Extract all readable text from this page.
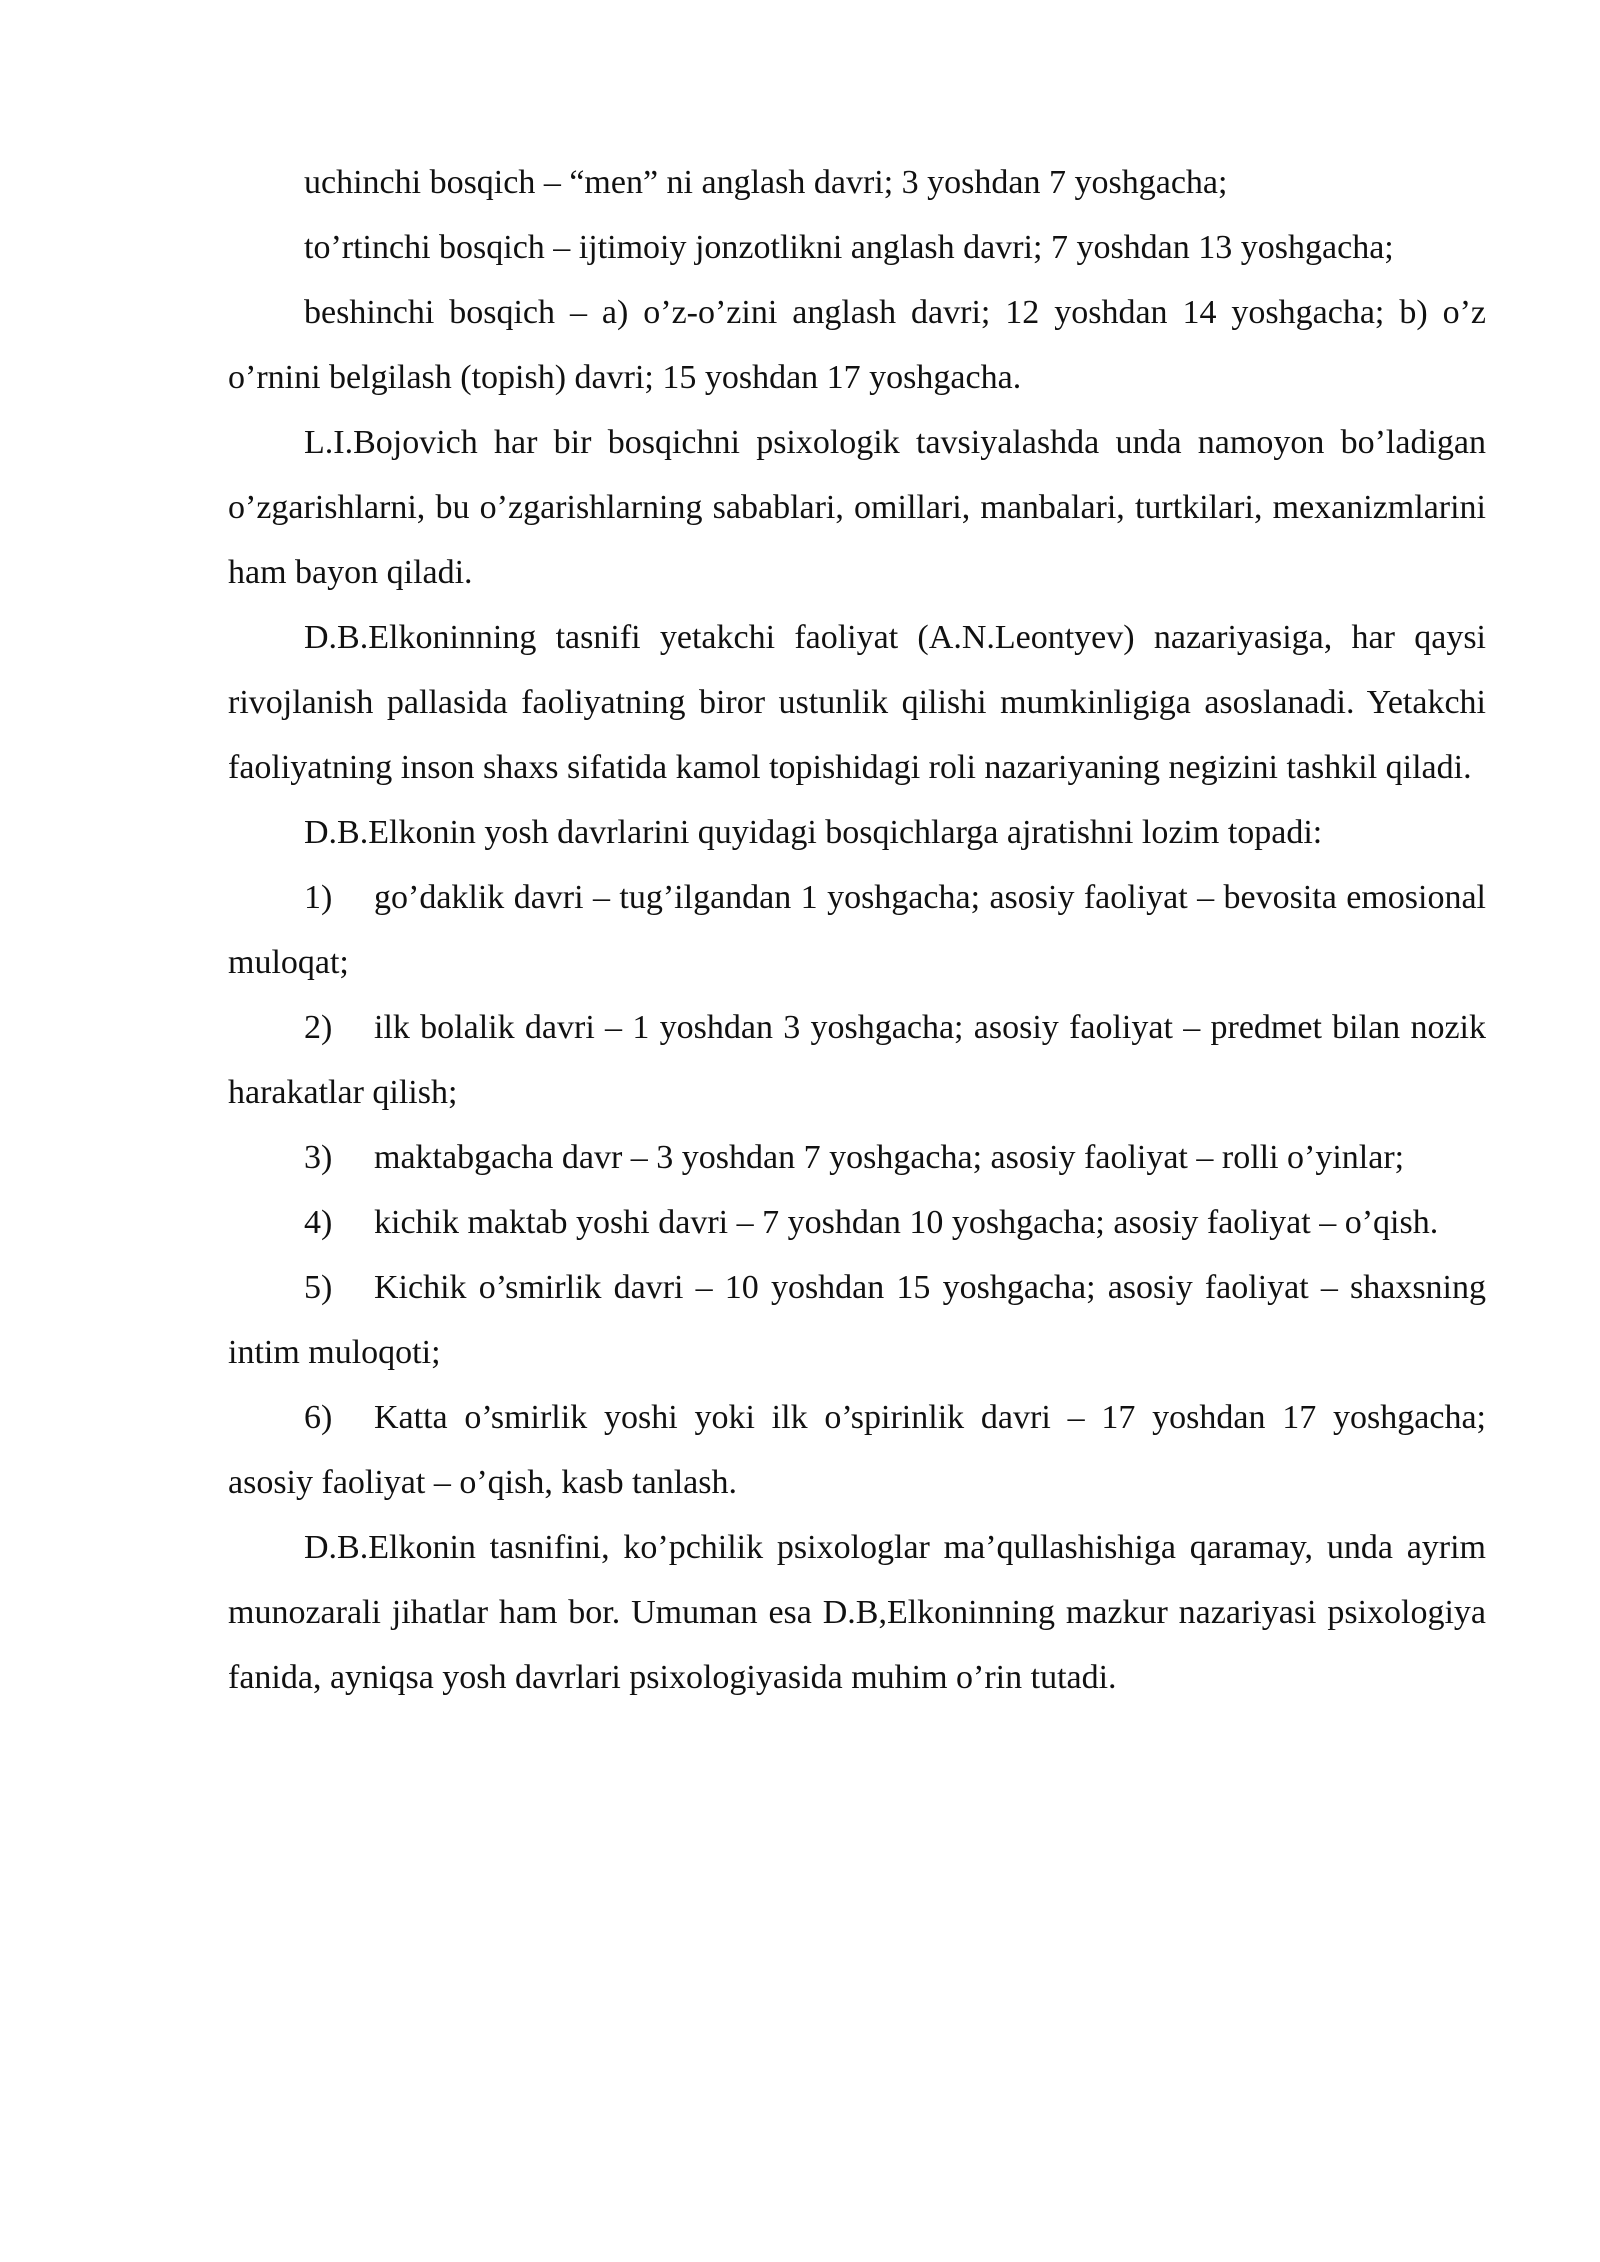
uchinchi bosqich – “men” ni anglash davri; 3 yoshdan 7 yoshgacha;

to’rtinchi bosqich – ijtimoiy jonzotlikni anglash davri; 7 yoshdan 13 yoshgacha;

beshinchi bosqich – a) o’z-o’zini anglash davri; 12 yoshdan 14 yoshgacha; b) o’z o’rnini belgilash (topish) davri; 15 yoshdan 17 yoshgacha.

L.I.Bojovich har bir bosqichni psixologik tavsiyalashda unda namoyon bo’ladigan o’zgarishlarni, bu o’zgarishlarning sabablari, omillari, manbalari, turtkilari, mexanizmlarini ham bayon qiladi.

D.B.Elkoninning tasnifi yetakchi faoliyat (A.N.Leontyev) nazariyasiga, har qaysi rivojlanish pallasida faoliyatning biror ustunlik qilishi mumkinligiga asoslanadi. Yetakchi faoliyatning inson shaxs sifatida kamol topishidagi roli nazariyaning negizini tashkil qiladi.

D.B.Elkonin yosh davrlarini quyidagi bosqichlarga ajratishni lozim topadi:

1) go’daklik davri – tug’ilgandan 1 yoshgacha; asosiy faoliyat – bevosita emosional muloqat;

2) ilk bolalik davri – 1 yoshdan 3 yoshgacha; asosiy faoliyat – predmet bilan nozik harakatlar qilish;

3) maktabgacha davr – 3 yoshdan 7 yoshgacha; asosiy faoliyat – rolli o’yinlar;

4) kichik maktab yoshi davri – 7 yoshdan 10 yoshgacha; asosiy faoliyat – o’qish.

5) Kichik o’smirlik davri – 10 yoshdan 15 yoshgacha; asosiy faoliyat – shaxsning intim muloqoti;

6) Katta o’smirlik yoshi yoki ilk o’spirinlik davri – 17 yoshdan 17 yoshgacha; asosiy faoliyat – o’qish, kasb tanlash.

D.B.Elkonin tasnifini, ko’pchilik psixologlar ma’qullashishiga qaramay, unda ayrim munozarali jihatlar ham bor. Umuman esa D.B,Elkoninning mazkur nazariyasi psixologiya fanida, ayniqsa yosh davrlari psixologiyasida muhim o’rin tutadi.
